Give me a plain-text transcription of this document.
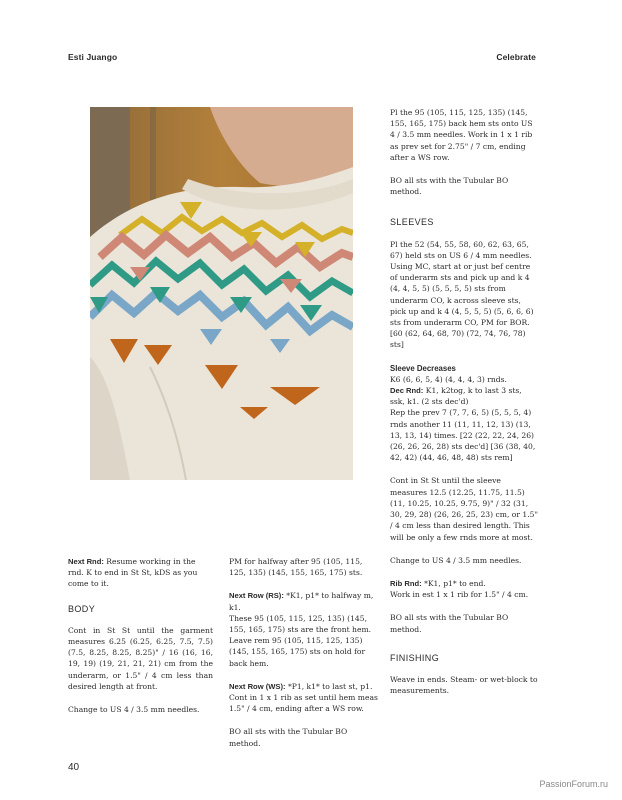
Esti Juango	Celebrate

Next Rnd: Resume working in the rnd. K to end in St St, kDS as you come to it.

BODY

Cont in St St until the garment measures 6.25 (6.25, 6.25, 7.5, 7.5) (7.5, 8.25, 8.25, 8.25)" / 16 (16, 16, 19, 19) (19, 21, 21, 21) cm from the underarm, or 1.5" / 4 cm less than desired length at front.

Change to US 4 / 3.5 mm needles.

PM for halfway after 95 (105, 115, 125, 135) (145, 155, 165, 175) sts.

Next Row (RS): *K1, p1* to halfway m, k1.

These 95 (105, 115, 125, 135) (145, 155, 165, 175) sts are the front hem. Leave rem 95 (105, 115, 125, 135) (145, 155, 165, 175) sts on hold for back hem.

Next Row (WS): *P1, k1* to last st, p1. Cont in 1 x 1 rib as set until hem meas 1.5" / 4 cm, ending after a WS row.

BO all sts with the Tubular BO method.

Pl the 95 (105, 115, 125, 135) (145, 155, 165, 175) back hem sts onto US 4 / 3.5 mm needles. Work in 1 x 1 rib as prev set for 2.75" / 7 cm, ending after a WS row.

BO all sts with the Tubular BO method.

SLEEVES

Pl the 52 (54, 55, 58, 60, 62, 63, 65, 67) held sts on US 6 / 4 mm needles. Using MC, start at or just bef centre of underarm sts and pick up and k 4 (4, 4, 5, 5) (5, 5, 5, 5) sts from underarm CO, k across sleeve sts, pick up and k 4 (4, 5, 5, 5) (5, 6, 6, 6) sts from underarm CO, PM for BOR. [60 (62, 64, 68, 70) (72, 74, 76, 78) sts]

Sleeve Decreases
K6 (6, 6, 5, 4) (4, 4, 4, 3) rnds.
Dec Rnd: K1, k2tog, k to last 3 sts, ssk, k1. (2 sts dec'd)

Rep the prev 7 (7, 7, 6, 5) (5, 5, 5, 4) rnds another 11 (11, 11, 12, 13) (13, 13, 13, 14) times. [22 (22, 22, 24, 26) (26, 26, 26, 28) sts dec'd] [36 (38, 40, 42, 42) (44, 46, 48, 48) sts rem]

Cont in St St until the sleeve measures 12.5 (12.25, 11.75, 11.5) (11, 10.25, 10.25, 9.75, 9)" / 32 (31, 30, 29, 28) (26, 26, 25, 23) cm, or 1.5" / 4 cm less than desired length. This will be only a few rnds more at most.

Change to US 4 / 3.5 mm needles.

Rib Rnd: *K1, p1* to end.

Work in est 1 x 1 rib for 1.5" / 4 cm.

BO all sts with the Tubular BO method.

FINISHING

Weave in ends. Steam- or wet-block to measurements.

40
PassionForum.ru
